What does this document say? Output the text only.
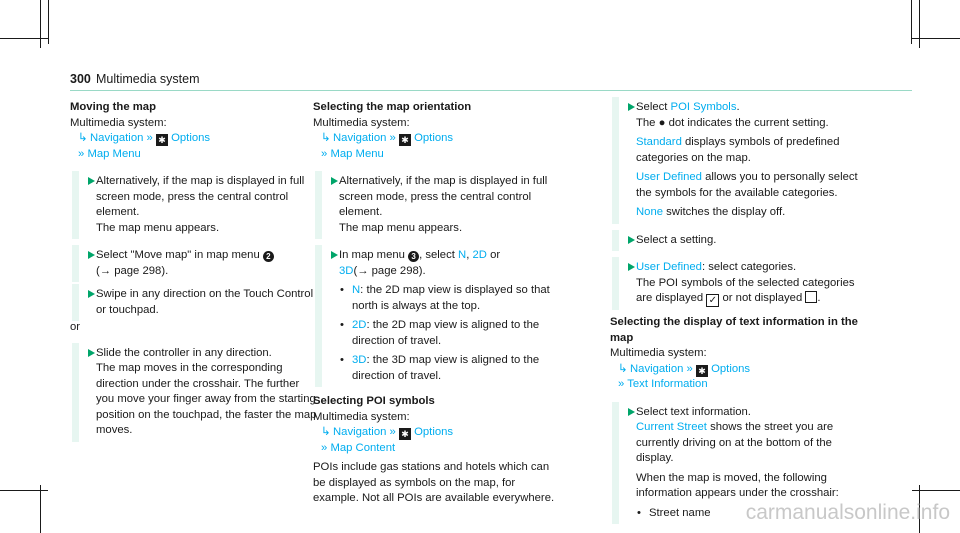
300 Multimedia system
Moving the map
Multimedia system:
↳ Navigation » ✱ Options
» Map Menu
Alternatively, if the map is displayed in full screen mode, press the central control element.
The map menu appears.
Select "Move map" in map menu 2
(→ page 298).
Swipe in any direction on the Touch Control or touchpad.
or
Slide the controller in any direction.
The map moves in the corresponding direction under the crosshair. The further you move your finger away from the starting position on the touchpad, the faster the map moves.
Selecting the map orientation
Multimedia system:
↳ Navigation » ✱ Options
» Map Menu
Alternatively, if the map is displayed in full screen mode, press the central control element.
The map menu appears.
In map menu 3 , select N, 2D or
3D(→ page 298).
• N: the 2D map view is displayed so that north is always at the top.
• 2D: the 2D map view is aligned to the direction of travel.
• 3D: the 3D map view is aligned to the direction of travel.
Selecting POI symbols
Multimedia system:
↳ Navigation » ✱ Options
» Map Content
POIs include gas stations and hotels which can be displayed as symbols on the map, for example. Not all POIs are available everywhere.
Select POI Symbols.
The ● dot indicates the current setting.
Standard displays symbols of predefined categories on the map.
User Defined allows you to personally select the symbols for the available categories.
None switches the display off.
Select a setting.
User Defined: select categories.
The POI symbols of the selected categories are displayed ✓ or not displayed .
Selecting the display of text information in the map
Multimedia system:
↳ Navigation » ✱ Options
» Text Information
Select text information.
Current Street shows the street you are currently driving on at the bottom of the display.
When the map is moved, the following information appears under the crosshair:
• Street name	carmanualsonline.info
